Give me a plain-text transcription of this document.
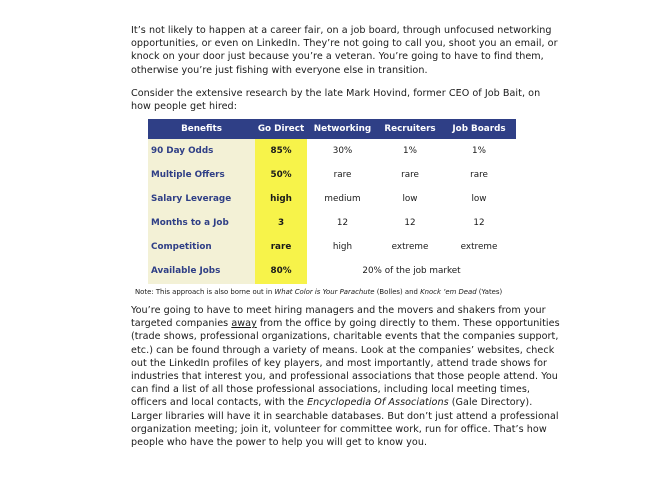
It’s not likely to happen at a career fair, on a job board, through unfocused networking opportunities, or even on LinkedIn. They’re not going to call you, shoot you an email, or knock on your door just because you’re a veteran. You’re going to have to find them, otherwise you’re just fishing with everyone else in transition.

Consider the extensive research by the late Mark Hovind, former CEO of Job Bait, on how people get hired:

Benefits	Go Direct	Networking	Recruiters	Job Boards
90 Day Odds	85%	30%	1%	1%
Multiple Offers	50%	rare	rare	rare
Salary Leverage	high	medium	low	low
Months to a Job	3	12	12	12
Competition	rare	high	extreme	extreme
Available Jobs	80%	20% of the job market
Note: This approach is also borne out in What Color is Your Parachute (Bolles) and Knock ’em Dead (Yates)

You’re going to have to meet hiring managers and the movers and shakers from your targeted companies away from the office by going directly to them. These opportunities (trade shows, professional organizations, charitable events that the companies support, etc.) can be found through a variety of means. Look at the companies’ websites, check out the LinkedIn profiles of key players, and most importantly, attend trade shows for industries that interest you, and professional associations that those people attend. You can find a list of all those professional associations, including local meeting times, officers and local contacts, with the Encyclopedia Of Associations (Gale Directory). Larger libraries will have it in searchable databases. But don’t just attend a professional organization meeting; join it, volunteer for committee work, run for office. That’s how people who have the power to help you will get to know you.
